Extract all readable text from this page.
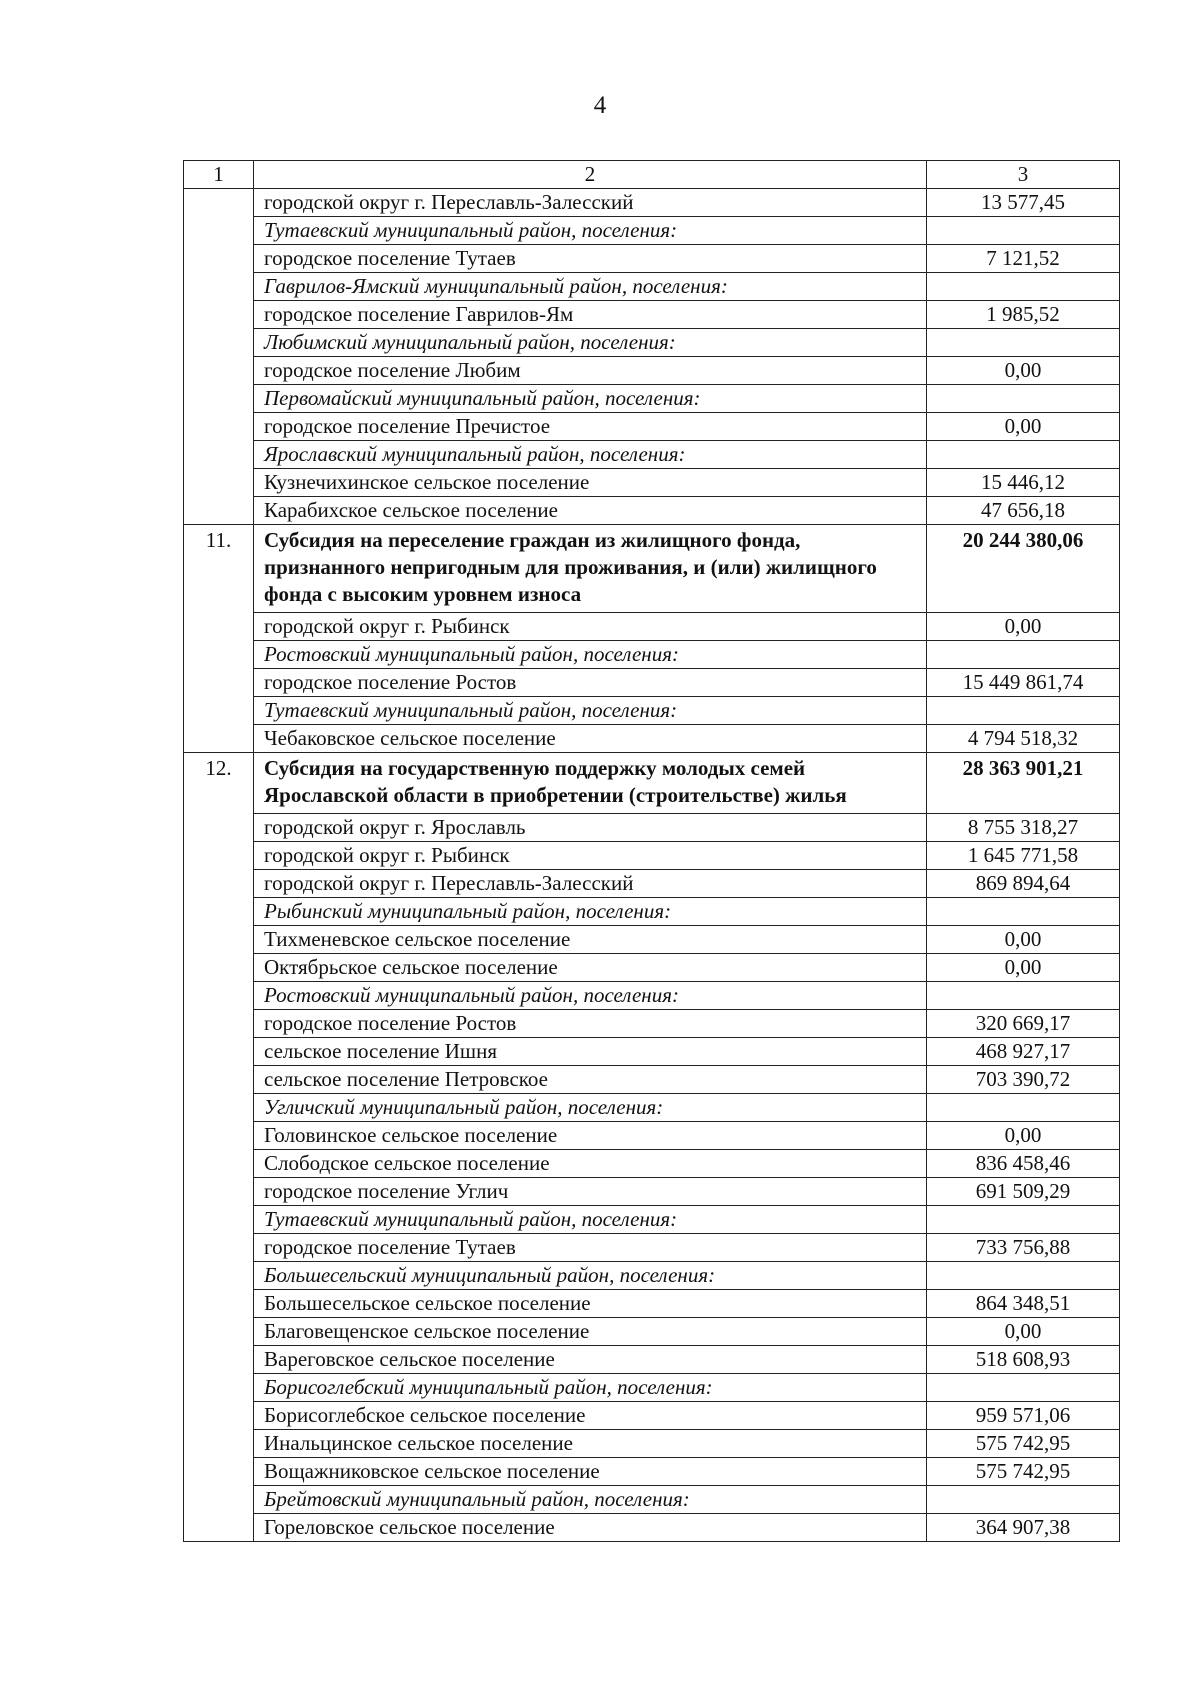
4
1	2	3
	городской округ г. Переславль-Залесский	13 577,45
	Тутаевский муниципальный район, поселения:	
	городское поселение Тутаев	7 121,52
	Гаврилов-Ямский муниципальный район, поселения:	
	городское поселение Гаврилов-Ям	1 985,52
	Любимский муниципальный район, поселения:	
	городское поселение Любим	0,00
	Первомайский муниципальный район, поселения:	
	городское поселение Пречистое	0,00
	Ярославский муниципальный район, поселения:	
	Кузнечихинское сельское поселение	15 446,12
	Карабихское сельское поселение	47 656,18
11.	Субсидия на переселение граждан из жилищного фонда, признанного непригодным для проживания, и (или) жилищного фонда с высоким уровнем износа	20 244 380,06
	городской округ г. Рыбинск	0,00
	Ростовский муниципальный район, поселения:	
	городское поселение Ростов	15 449 861,74
	Тутаевский муниципальный район, поселения:	
	Чебаковское сельское поселение	4 794 518,32
12.	Субсидия на государственную поддержку молодых семей Ярославской области в приобретении (строительстве) жилья	28 363 901,21
	городской округ г. Ярославль	8 755 318,27
	городской округ г. Рыбинск	1 645 771,58
	городской округ г. Переславль-Залесский	869 894,64
	Рыбинский муниципальный район, поселения:	
	Тихменевское сельское поселение	0,00
	Октябрьское сельское поселение	0,00
	Ростовский муниципальный район, поселения:	
	городское поселение Ростов	320 669,17
	сельское поселение Ишня	468 927,17
	сельское поселение Петровское	703 390,72
	Угличский муниципальный район, поселения:	
	Головинское сельское поселение	0,00
	Слободское сельское поселение	836 458,46
	городское поселение Углич	691 509,29
	Тутаевский муниципальный район, поселения:	
	городское поселение Тутаев	733 756,88
	Большесельский муниципальный район, поселения:	
	Большесельское сельское поселение	864 348,51
	Благовещенское сельское поселение	0,00
	Вареговское сельское поселение	518 608,93
	Борисоглебский муниципальный район, поселения:	
	Борисоглебское сельское поселение	959 571,06
	Инальцинское сельское поселение	575 742,95
	Вощажниковское сельское поселение	575 742,95
	Брейтовский муниципальный район, поселения:	
	Гореловское сельское поселение	364 907,38
